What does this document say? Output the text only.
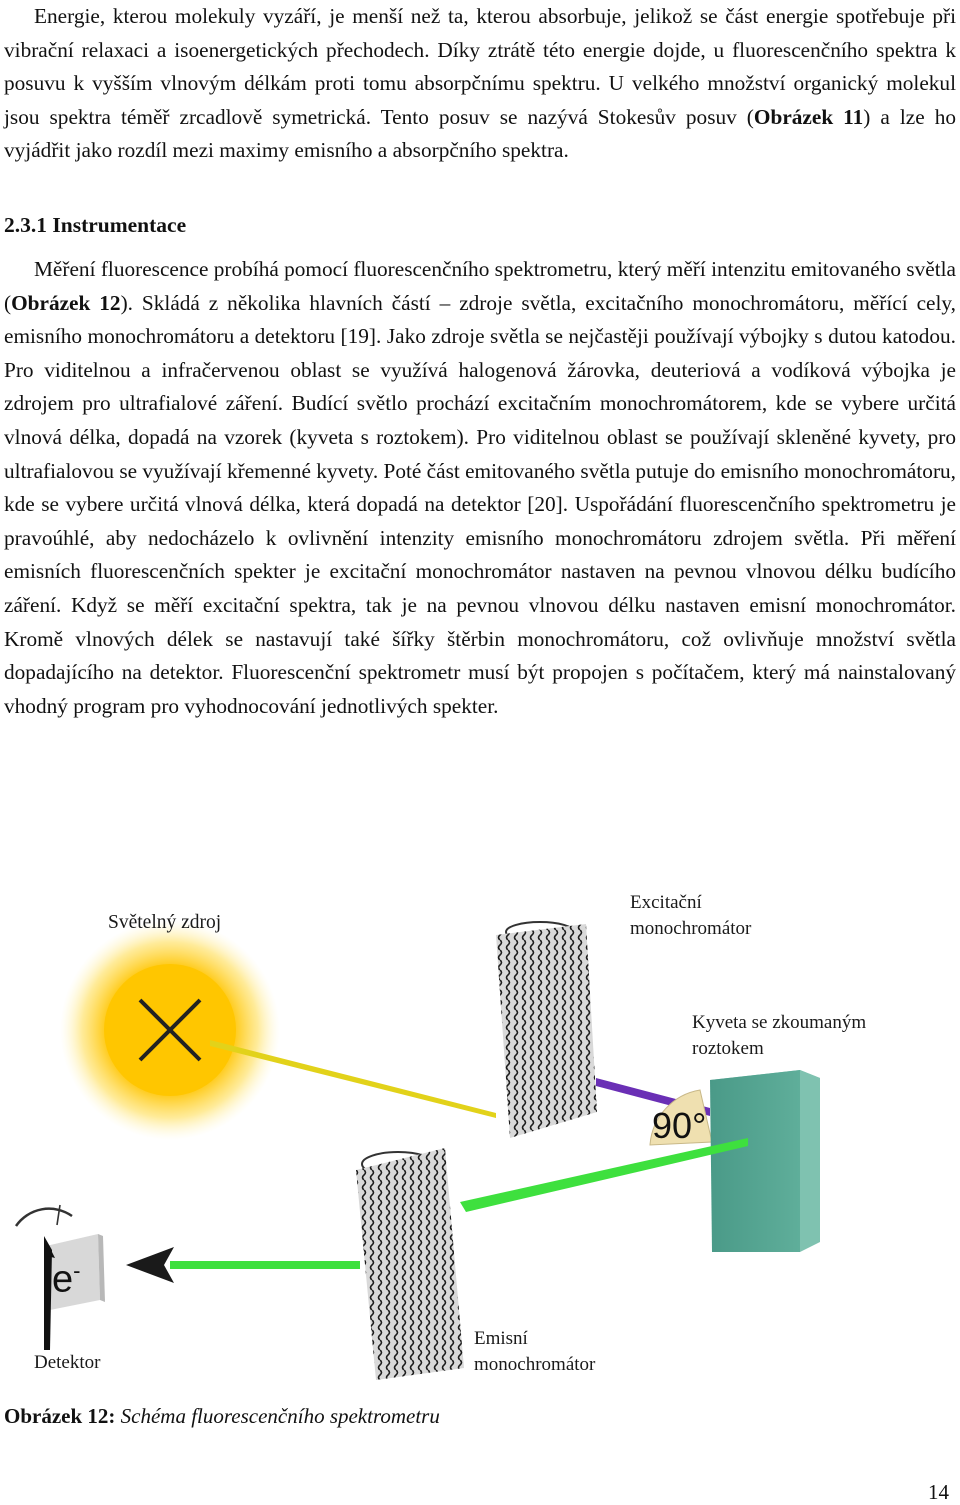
Energie, kterou molekuly vyzáří, je menší než ta, kterou absorbuje, jelikož se část energie spotřebuje při vibrační relaxaci a isoenergetických přechodech. Díky ztrátě této energie dojde, u fluorescenčního spektra k posuvu k vyšším vlnovým délkám proti tomu absorpčnímu spektru. U velkého množství organický molekul jsou spektra téměř zrcadlově symetrická. Tento posuv se nazývá Stokesův posuv (Obrázek 11) a lze ho vyjádřit jako rozdíl mezi maximy emisního a absorpčního spektra.

2.3.1 Instrumentace

Měření fluorescence probíhá pomocí fluorescenčního spektrometru, který měří intenzitu emitovaného světla (Obrázek 12). Skládá z několika hlavních částí – zdroje světla, excitačního monochromátoru, měřící cely, emisního monochromátoru a detektoru [19]. Jako zdroje světla se nejčastěji používají výbojky s dutou katodou. Pro viditelnou a infračervenou oblast se využívá halogenová žárovka, deuteriová a vodíková výbojka je zdrojem pro ultrafialové záření. Budící světlo prochází excitačním monochromátorem, kde se vybere určitá vlnová délka, dopadá na vzorek (kyveta s roztokem). Pro viditelnou oblast se používají skleněné kyvety, pro ultrafialovou se využívají křemenné kyvety. Poté část emitovaného světla putuje do emisního monochromátoru, kde se vybere určitá vlnová délka, která dopadá na detektor [20]. Uspořádání fluorescenčního spektrometru je pravoúhlé, aby nedocházelo k ovlivnění intenzity emisního monochromátoru zdrojem světla. Při měření emisních fluorescenčních spekter je excitační monochromátor nastaven na pevnou vlnovou délku budícího záření. Když se měří excitační spektra, tak je na pevnou vlnovou délku nastaven emisní monochromátor. Kromě vlnových délek se nastavují také šířky štěrbin monochromátoru, což ovlivňuje množství světla dopadajícího na detektor. Fluorescenční spektrometr musí být propojen s počítačem, který má nainstalovaný vhodný program pro vyhodnocování jednotlivých spekter.

Světelný zdroj
Excitační
monochromátor
Kyveta se zkoumaným
roztokem
90°
e-
Detektor
Emisní
monochromátor
Obrázek 12: Schéma fluorescenčního spektrometru
14
